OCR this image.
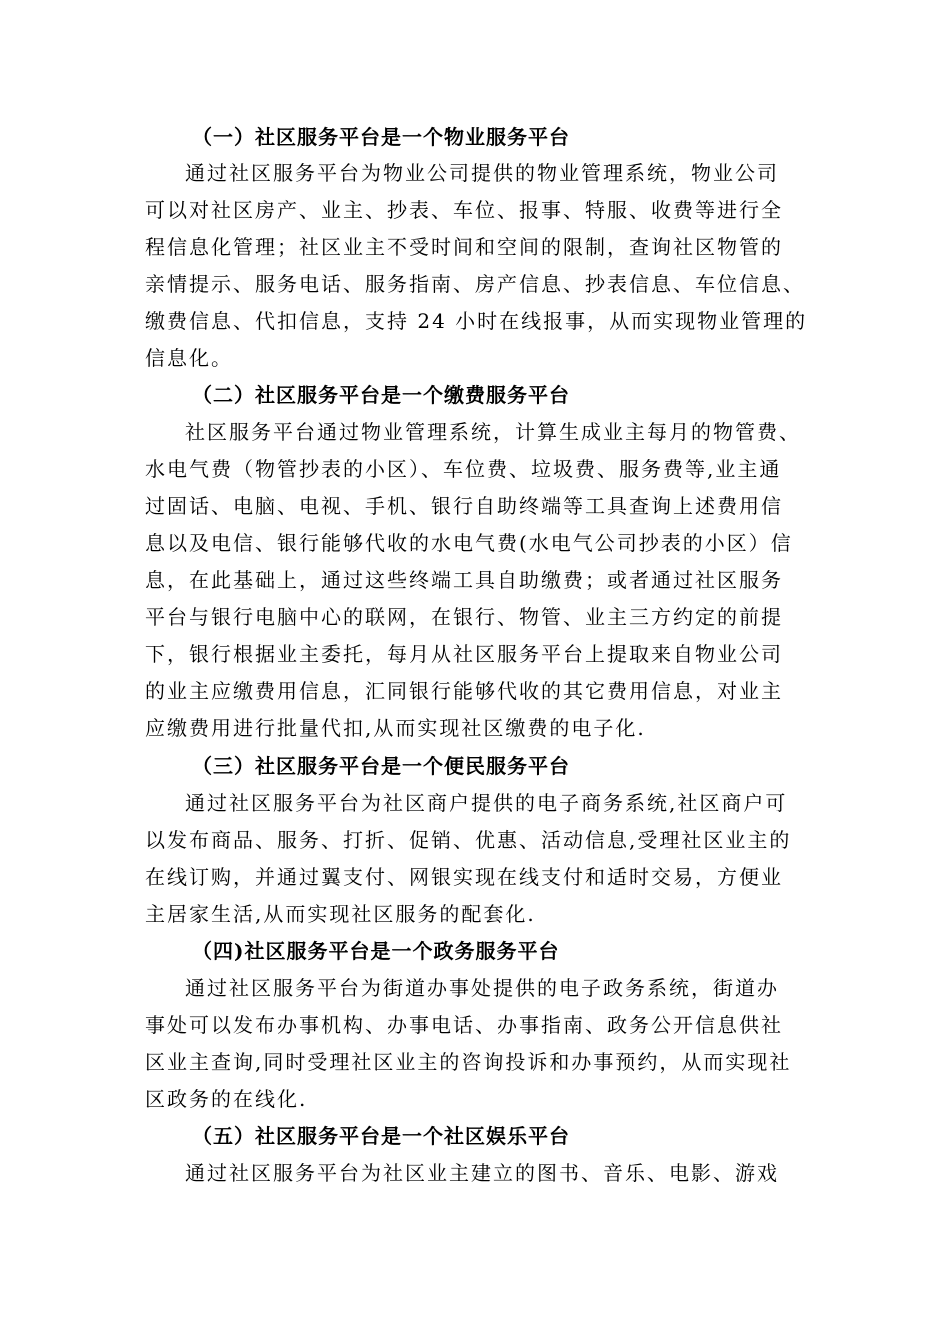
（一）社区服务平台是一个物业服务平台
通过社区服务平台为物业公司提供的物业管理系统，物业公司
可以对社区房产、业主、抄表、车位、报事、特服、收费等进行全
程信息化管理；社区业主不受时间和空间的限制，查询社区物管的
亲情提示、服务电话、服务指南、房产信息、抄表信息、车位信息、
缴费信息、代扣信息，支持 24 小时在线报事，从而实现物业管理的
信息化。
（二）社区服务平台是一个缴费服务平台
社区服务平台通过物业管理系统，计算生成业主每月的物管费、
水电气费（物管抄表的小区）、车位费、垃圾费、服务费等,业主通
过固话、电脑、电视、手机、银行自助终端等工具查询上述费用信
息以及电信、银行能够代收的水电气费(水电气公司抄表的小区）信
息，在此基础上，通过这些终端工具自助缴费；或者通过社区服务
平台与银行电脑中心的联网，在银行、物管、业主三方约定的前提
下，银行根据业主委托，每月从社区服务平台上提取来自物业公司
的业主应缴费用信息，汇同银行能够代收的其它费用信息，对业主
应缴费用进行批量代扣,从而实现社区缴费的电子化.
（三）社区服务平台是一个便民服务平台
通过社区服务平台为社区商户提供的电子商务系统,社区商户可
以发布商品、服务、打折、促销、优惠、活动信息,受理社区业主的
在线订购，并通过翼支付、网银实现在线支付和适时交易，方便业
主居家生活,从而实现社区服务的配套化.
（四)社区服务平台是一个政务服务平台
通过社区服务平台为街道办事处提供的电子政务系统，街道办
事处可以发布办事机构、办事电话、办事指南、政务公开信息供社
区业主查询,同时受理社区业主的咨询投诉和办事预约，从而实现社
区政务的在线化.
（五）社区服务平台是一个社区娱乐平台
通过社区服务平台为社区业主建立的图书、音乐、电影、游戏
